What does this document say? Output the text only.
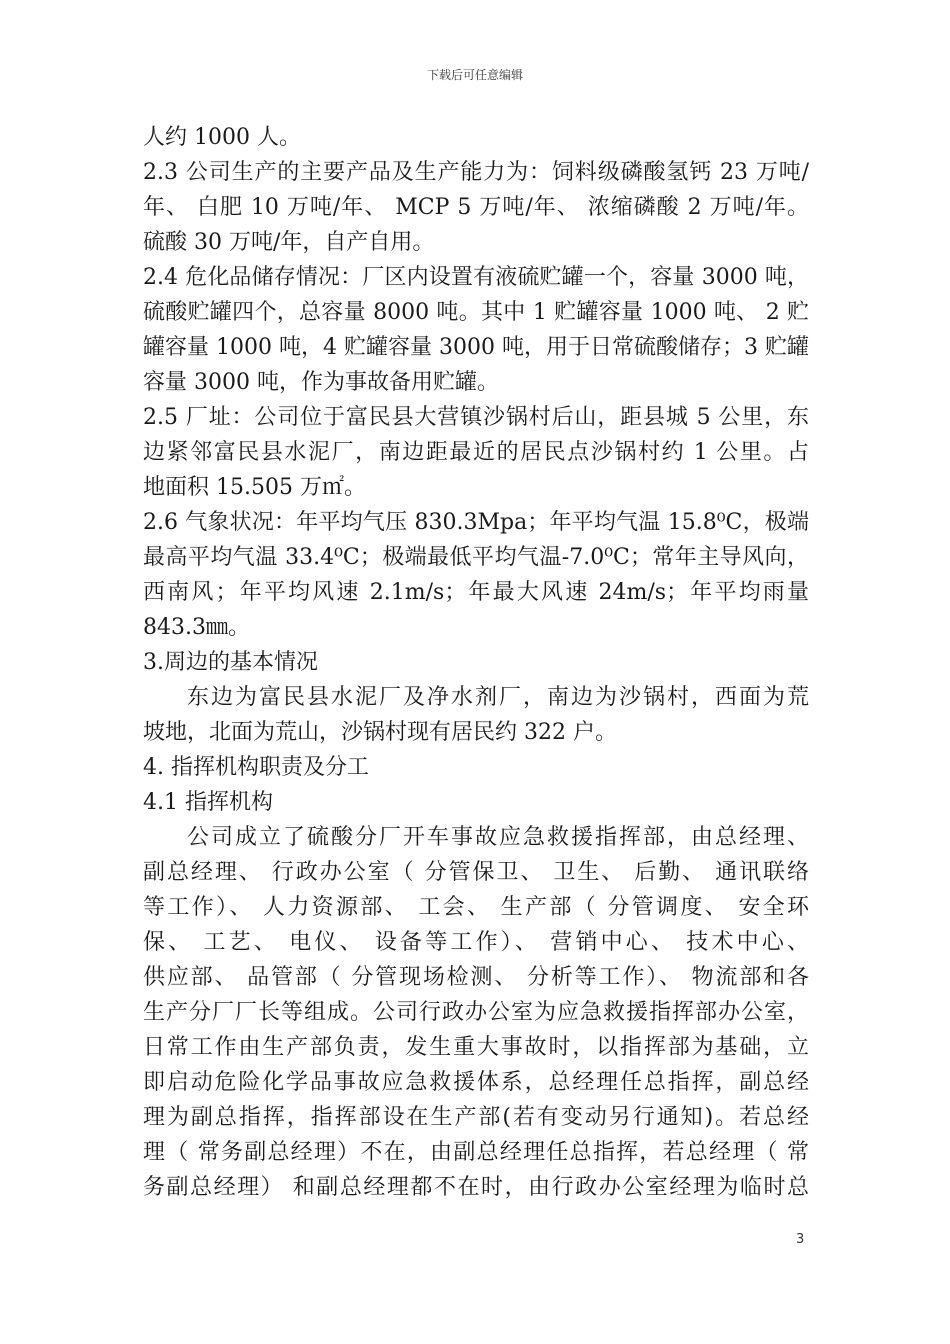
下载后可任意编辑
人约 1000 人。
2.3 公司生产的主要产品及生产能力为：饲料级磷酸氢钙 23 万吨/
年、 白肥 10 万吨/年、 MCP 5 万吨/年、 浓缩磷酸 2 万吨/年。
硫酸 30 万吨/年，自产自用。
2.4 危化品储存情况：厂区内设置有液硫贮罐一个，容量 3000 吨，
硫酸贮罐四个，总容量 8000 吨。其中 1 贮罐容量 1000 吨、 2 贮
罐容量 1000 吨，4 贮罐容量 3000 吨，用于日常硫酸储存；3 贮罐
容量 3000 吨，作为事故备用贮罐。
2.5 厂址：公司位于富民县大营镇沙锅村后山，距县城 5 公里，东
边紧邻富民县水泥厂，南边距最近的居民点沙锅村约 1 公里。占
地面积 15.505 万㎡。
2.6 气象状况：年平均气压 830.3Mpa；年平均气温 15.8⁰C，极端
最高平均气温 33.4⁰C；极端最低平均气温-7.0⁰C；常年主导风向，
西南风；年平均风速 2.1m/s；年最大风速 24m/s；年平均雨量
843.3㎜。
3.周边的基本情况
东边为富民县水泥厂及净水剂厂，南边为沙锅村，西面为荒
坡地，北面为荒山，沙锅村现有居民约 322 户。
4. 指挥机构职责及分工
4.1 指挥机构
公司成立了硫酸分厂开车事故应急救援指挥部，由总经理、
副总经理、 行政办公室（ 分管保卫、 卫生、 后勤、 通讯联络
等工作）、 人力资源部、 工会、 生产部（ 分管调度、 安全环
保、 工艺、 电仪、 设备等工作）、 营销中心、 技术中心、
供应部、 品管部（ 分管现场检测、 分析等工作）、 物流部和各
生产分厂厂长等组成。公司行政办公室为应急救援指挥部办公室，
日常工作由生产部负责，发生重大事故时，以指挥部为基础，立
即启动危险化学品事故应急救援体系，总经理任总指挥，副总经
理为副总指挥，指挥部设在生产部(若有变动另行通知)。若总经
理（ 常务副总经理）不在，由副总经理任总指挥，若总经理（ 常
务副总经理） 和副总经理都不在时，由行政办公室经理为临时总
3
